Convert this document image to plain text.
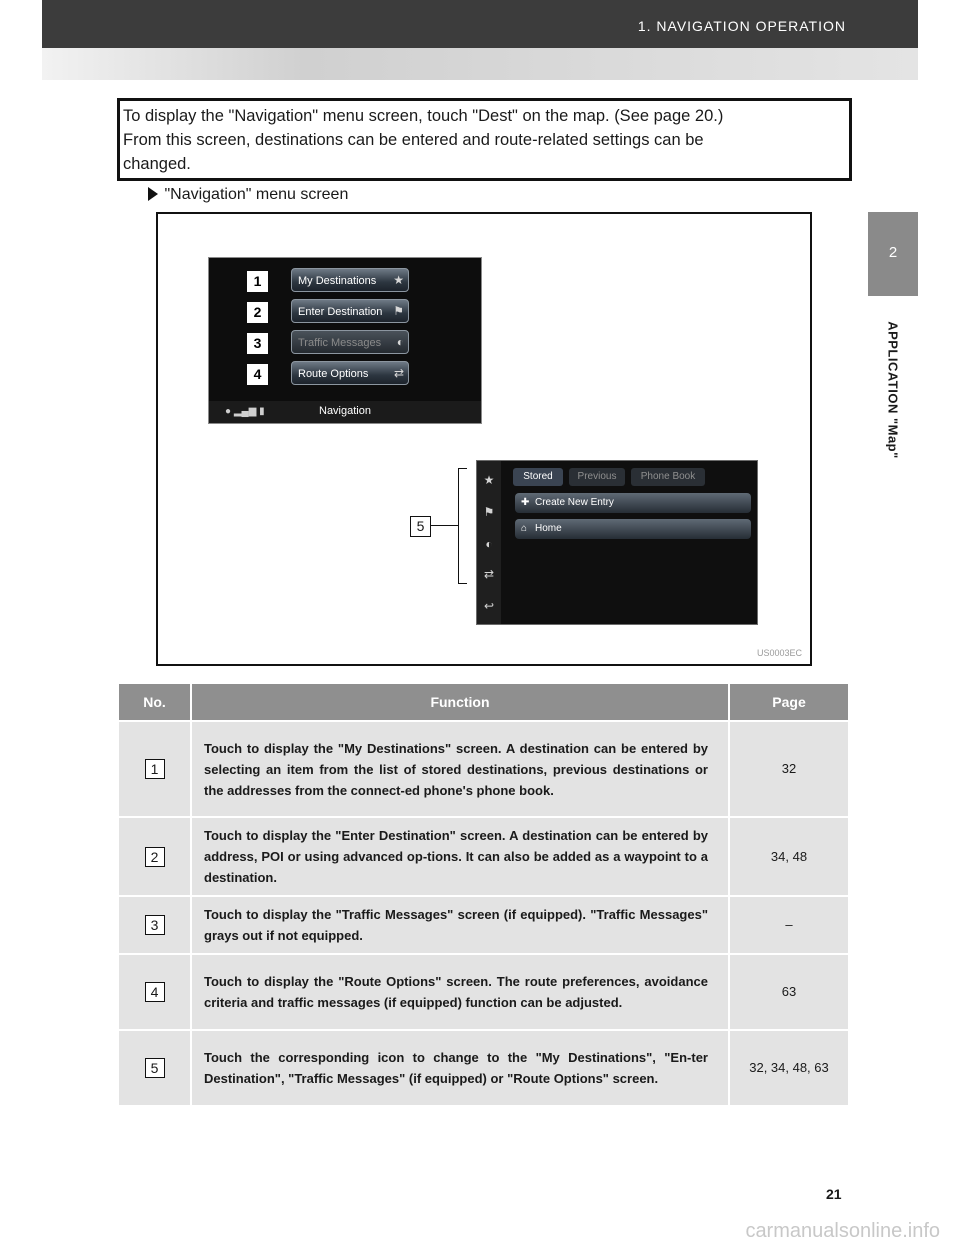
1. NAVIGATION OPERATION
2
APPLICATION "Map"
To display the "Navigation" menu screen, touch "Dest" on the map. (See page 20.)
From this screen, destinations can be entered and route-related settings can be
changed.
"Navigation" menu screen
1	My Destinations ★
2	Enter Destination ⚑
3	Traffic Messages ◐
4	Route Options ⇄
● ▂▄▆ ▮	Navigation
5
★
⚑
◐
⇄
↩
Stored	Previous	Phone Book
✚ Create New Entry
⌂ Home
US0003EC
No.	Function	Page
1	Touch to display the "My Destinations" screen. A destination can be entered by selecting an item from the list of stored destinations, previous destinations or the addresses from the connect-ed phone's phone book.	32
2	Touch to display the "Enter Destination" screen. A destination can be entered by address, POI or using advanced op-tions. It can also be added as a waypoint to a destination.	34, 48
3	Touch to display the "Traffic Messages" screen (if equipped). "Traffic Messages" grays out if not equipped.	–
4	Touch to display the "Route Options" screen. The route preferences, avoidance criteria and traffic messages (if equipped) function can be adjusted.	63
5	Touch the corresponding icon to change to the "My Destinations", "En-ter Destination", "Traffic Messages" (if equipped) or "Route Options" screen.	32, 34, 48, 63
21
carmanualsonline.info
